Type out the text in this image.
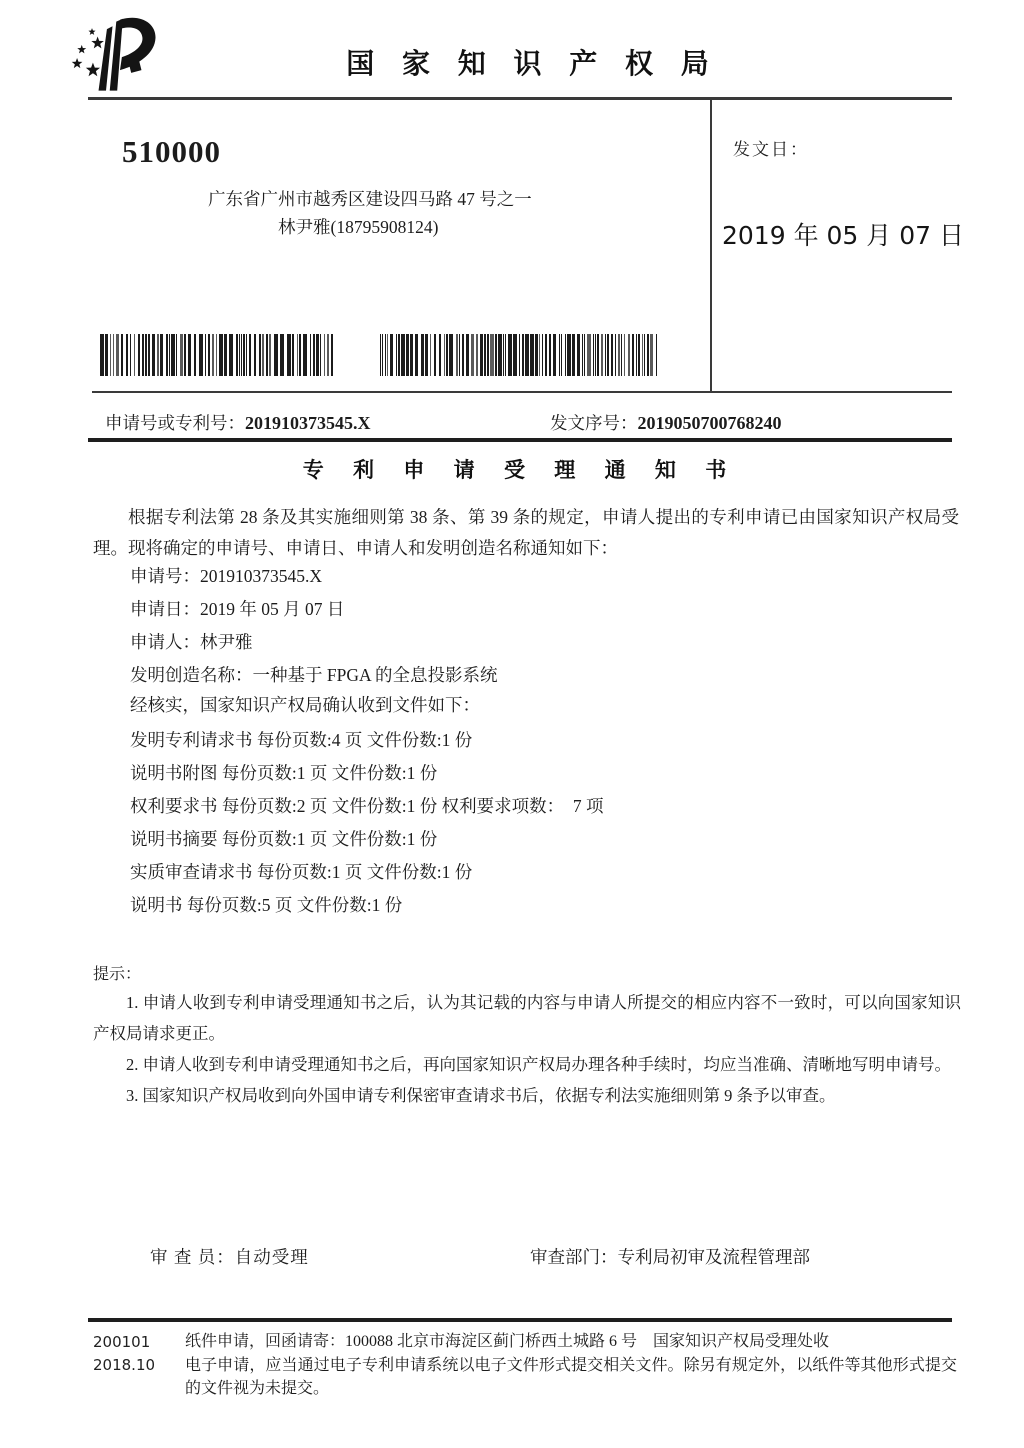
国 家 知 识 产 权 局
510000
广东省广州市越秀区建设四马路 47 号之一
林尹雅(18795908124)
发文日：
2019 年 05 月 07 日
申请号或专利号：201910373545.X	发文序号：2019050700768240
专 利 申 请 受 理 通 知 书
根据专利法第 28 条及其实施细则第 38 条、第 39 条的规定，申请人提出的专利申请已由国家知识产权局受理。现将确定的申请号、申请日、申请人和发明创造名称通知如下：
申请号：201910373545.X
申请日：2019 年 05 月 07 日
申请人：林尹雅
发明创造名称：一种基于 FPGA 的全息投影系统
经核实，国家知识产权局确认收到文件如下：
发明专利请求书 每份页数:4 页 文件份数:1 份
说明书附图 每份页数:1 页 文件份数:1 份
权利要求书 每份页数:2 页 文件份数:1 份 权利要求项数：　7 项
说明书摘要 每份页数:1 页 文件份数:1 份
实质审查请求书 每份页数:1 页 文件份数:1 份
说明书 每份页数:5 页 文件份数:1 份
提示：
1. 申请人收到专利申请受理通知书之后，认为其记载的内容与申请人所提交的相应内容不一致时，可以向国家知识产权局请求更正。
2. 申请人收到专利申请受理通知书之后，再向国家知识产权局办理各种手续时，均应当准确、清晰地写明申请号。
3. 国家知识产权局收到向外国申请专利保密审查请求书后，依据专利法实施细则第 9 条予以审查。
审 查 员：自动受理	审查部门：专利局初审及流程管理部
200101
2018.10
纸件申请，回函请寄：100088 北京市海淀区蓟门桥西土城路 6 号　国家知识产权局受理处收
电子申请，应当通过电子专利申请系统以电子文件形式提交相关文件。除另有规定外，以纸件等其他形式提交的文件视为未提交。
